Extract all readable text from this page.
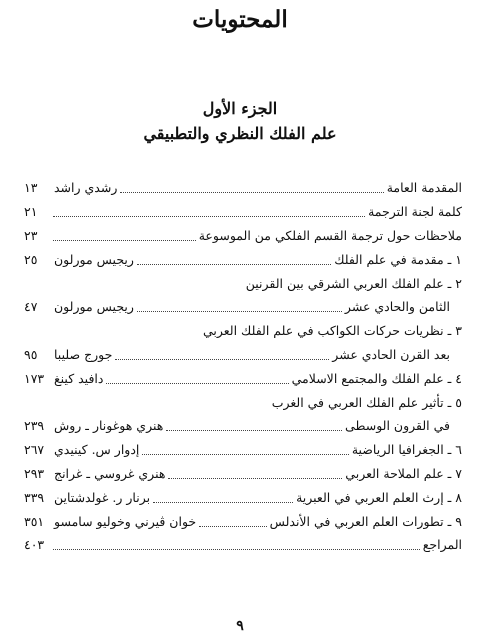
المحتويات
الجزء الأول
علم الفلك النظري والتطبيقي
المقدمة العامة
رشدي راشد
١٣
كلمة لجنة الترجمة
٢١
ملاحظات حول ترجمة القسم الفلكي من الموسوعة
٢٣
١ ـ مقدمة في علم الفلك
ريجيس مورلون
٢٥
٢ ـ علم الفلك العربي الشرقي بين القرنين
الثامن والحادي عشر
ريجيس مورلون
٤٧
٣ ـ نظريات حركات الكواكب في علم الفلك العربي
بعد القرن الحادي عشر
جورج صليبا
٩٥
٤ ـ علم الفلك والمجتمع الاسلامي
دافيد كينغ
١٧٣
٥ ـ تأثير علم الفلك العربي في الغرب
في القرون الوسطى
هنري هوغونار ـ روش
٢٣٩
٦ ـ الجغرافيا الرياضية
إدوار س. كينيدي
٢٦٧
٧ ـ علم الملاحة العربي
هنري غروسي ـ غرانج
٢٩٣
٨ ـ إرث العلم العربي في العبرية
برنار ر. غولدشتاين
٣٣٩
٩ ـ تطورات العلم العربي في الأندلس
خوان ڤيرني وخوليو سامسو
٣٥١
المراجع
٤٠٣
٩
